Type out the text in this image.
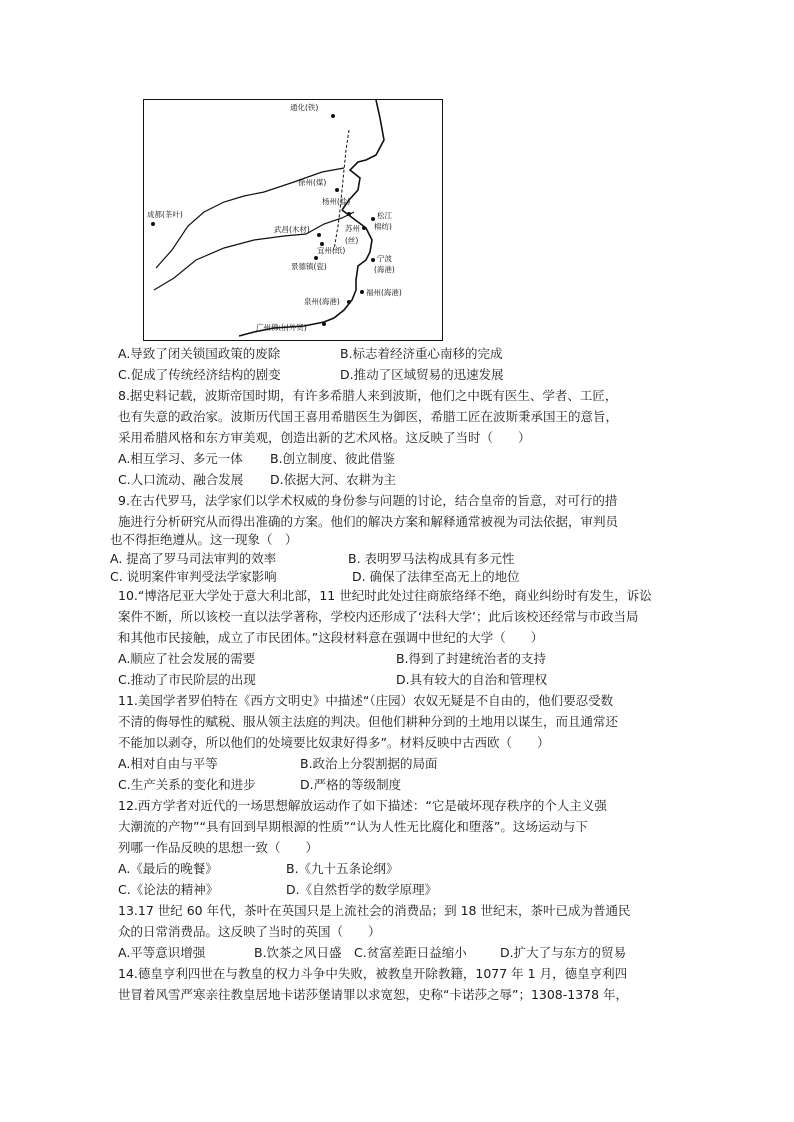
通化(铁)
徐州(煤)
杨州(盐)
成都(茶叶)
武昌(木材)
松江
棉纺)
苏州
(丝)
宜州(纸)
景德镇(瓷)
宁波
(海港)
泉州(海港)
福州(海港)
广州佛山(外贸)
A.导致了闭关锁国政策的废除	B.标志着经济重心南移的完成
C.促成了传统经济结构的剧变	D.推动了区域贸易的迅速发展
8.据史料记载，波斯帝国时期，有许多希腊人来到波斯，他们之中既有医生、学者、工匠，
也有失意的政治家。波斯历代国王喜用希腊医生为御医，希腊工匠在波斯秉承国王的意旨，
采用希腊风格和东方审美观，创造出新的艺术风格。这反映了当时（　　）
A.相互学习、多元一体 B.创立制度、彼此借鉴
C.人口流动、融合发展 D.依据大河、农耕为主
9.在古代罗马，法学家们以学术权威的身份参与问题的讨论，结合皇帝的旨意，对可行的措
施进行分析研究从而得出准确的方案。他们的解决方案和解释通常被视为司法依据，审判员
也不得拒绝遵从。这一现象（　）
A. 提高了罗马司法审判的效率	B. 表明罗马法构成具有多元性
C. 说明案件审判受法学家影响	D. 确保了法律至高无上的地位
10.“博洛尼亚大学处于意大利北部，11 世纪时此处过往商旅络绎不绝，商业纠纷时有发生，诉讼
案件不断，所以该校一直以法学著称，学校内还形成了‘法科大学’；此后该校还经常与市政当局
和其他市民接触，成立了市民团体。”这段材料意在强调中世纪的大学（　　）
A.顺应了社会发展的需要	B.得到了封建统治者的支持
C.推动了市民阶层的出现	D.具有较大的自治和管理权
11.美国学者罗伯特在《西方文明史》中描述“（庄园）农奴无疑是不自由的，他们要忍受数
不清的侮辱性的赋税、服从领主法庭的判决。但他们耕种分到的土地用以谋生，而且通常还
不能加以剥夺，所以他们的处境要比奴隶好得多”。材料反映中古西欧（　　）
A.相对自由与平等	B.政治上分裂割据的局面
C.生产关系的变化和进步	D.严格的等级制度
12.西方学者对近代的一场思想解放运动作了如下描述：“它是破坏现存秩序的个人主义强
大潮流的产物”“具有回到早期根源的性质”“认为人性无比腐化和堕落”。这场运动与下
列哪一作品反映的思想一致（　　）
A.《最后的晚餐》	B.《九十五条论纲》
C.《论法的精神》	D.《自然哲学的数学原理》
13.17 世纪 60 年代，茶叶在英国只是上流社会的消费品；到 18 世纪末，茶叶已成为普通民
众的日常消费品。这反映了当时的英国（　　）
A.平等意识增强	B.饮茶之风日盛 C.贫富差距日益缩小	D.扩大了与东方的贸易
14.德皇亨利四世在与教皇的权力斗争中失败，被教皇开除教籍，1077 年 1 月，德皇亨利四
世冒着风雪严寒亲往教皇居地卡诺莎堡请罪以求宽恕，史称“卡诺莎之辱”；1308-1378 年，
